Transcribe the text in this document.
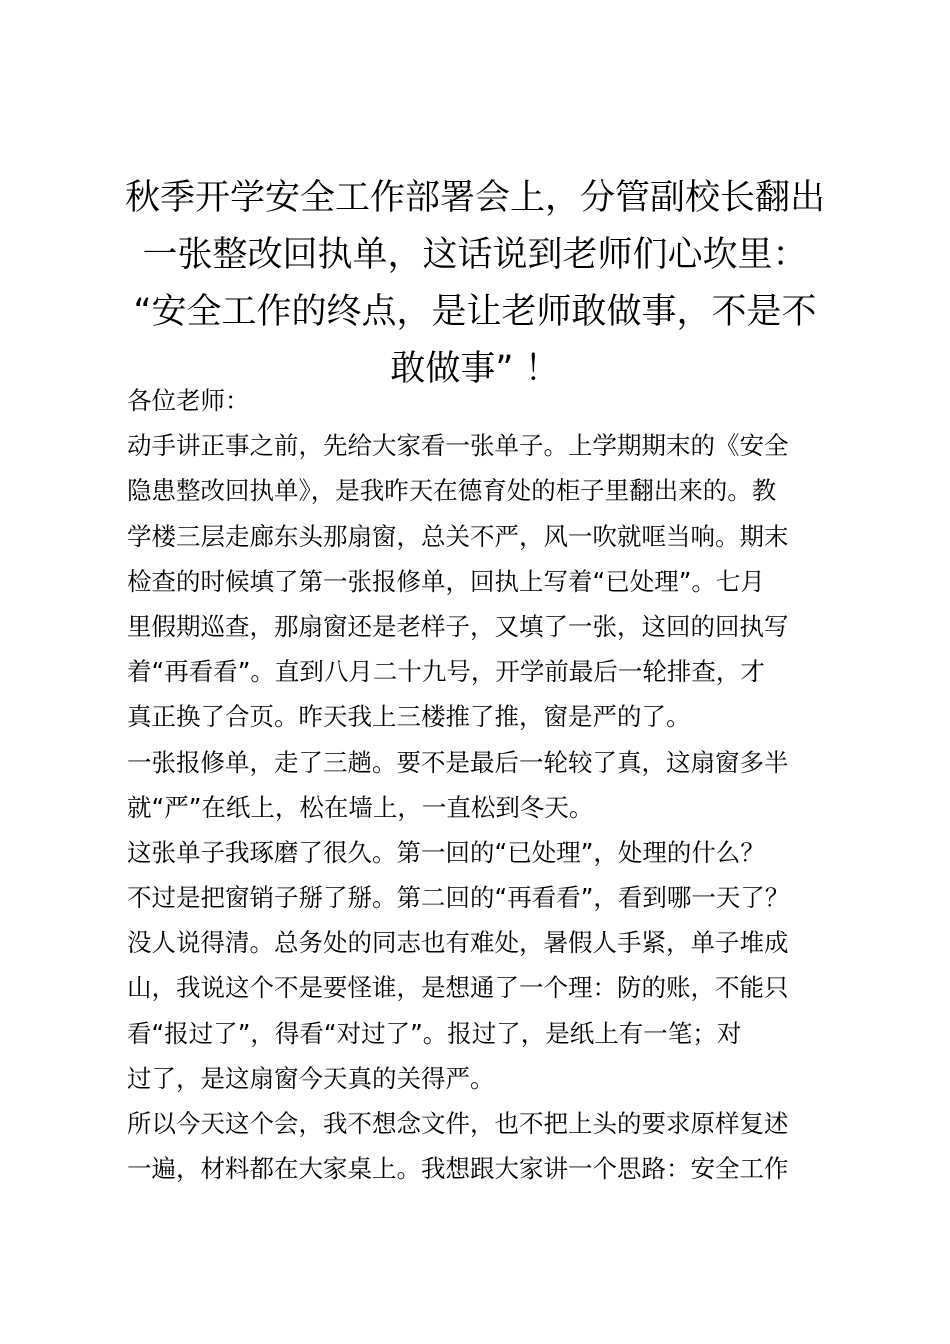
秋季开学安全工作部署会上，分管副校长翻出
一张整改回执单，这话说到老师们心坎里：
“安全工作的终点，是让老师敢做事，不是不
敢做事” ！
各位老师：
动手讲正事之前，先给大家看一张单子。上学期期末的《安全
隐患整改回执单》，是我昨天在德育处的柜子里翻出来的。教
学楼三层走廊东头那扇窗，总关不严，风一吹就哐当响。期末
检查的时候填了第一张报修单，回执上写着“已处理”。七月
里假期巡查，那扇窗还是老样子，又填了一张，这回的回执写
着“再看看”。直到八月二十九号，开学前最后一轮排查，才
真正换了合页。昨天我上三楼推了推，窗是严的了。
一张报修单，走了三趟。要不是最后一轮较了真，这扇窗多半
就“严”在纸上，松在墙上，一直松到冬天。
这张单子我琢磨了很久。第一回的“已处理”，处理的什么？
不过是把窗销子掰了掰。第二回的“再看看”，看到哪一天了？
没人说得清。总务处的同志也有难处，暑假人手紧，单子堆成
山，我说这个不是要怪谁，是想通了一个理：防的账，不能只
看“报过了”，得看“对过了”。报过了，是纸上有一笔；对
过了，是这扇窗今天真的关得严。
所以今天这个会，我不想念文件，也不把上头的要求原样复述
一遍，材料都在大家桌上。我想跟大家讲一个思路：安全工作
